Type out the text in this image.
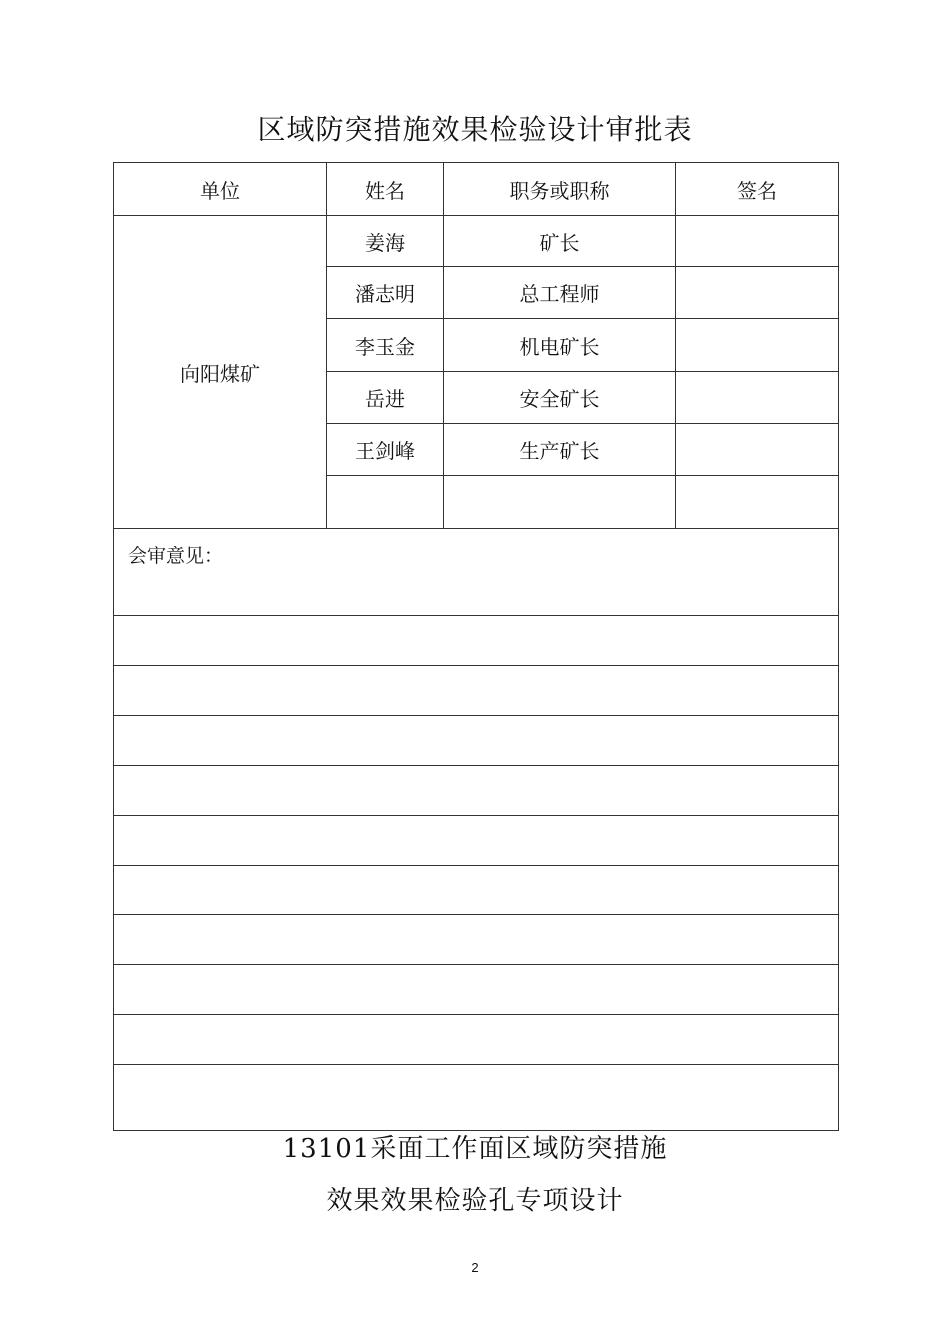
区域防突措施效果检验设计审批表
单位	姓名	职务或职称	签名
向阳煤矿	姜海	矿长	
	潘志明	总工程师	
	李玉金	机电矿长	
	岳进	安全矿长	
	王剑峰	生产矿长	

会审意见：			

13101采面工作面区域防突措施
效果效果检验孔专项设计
2
